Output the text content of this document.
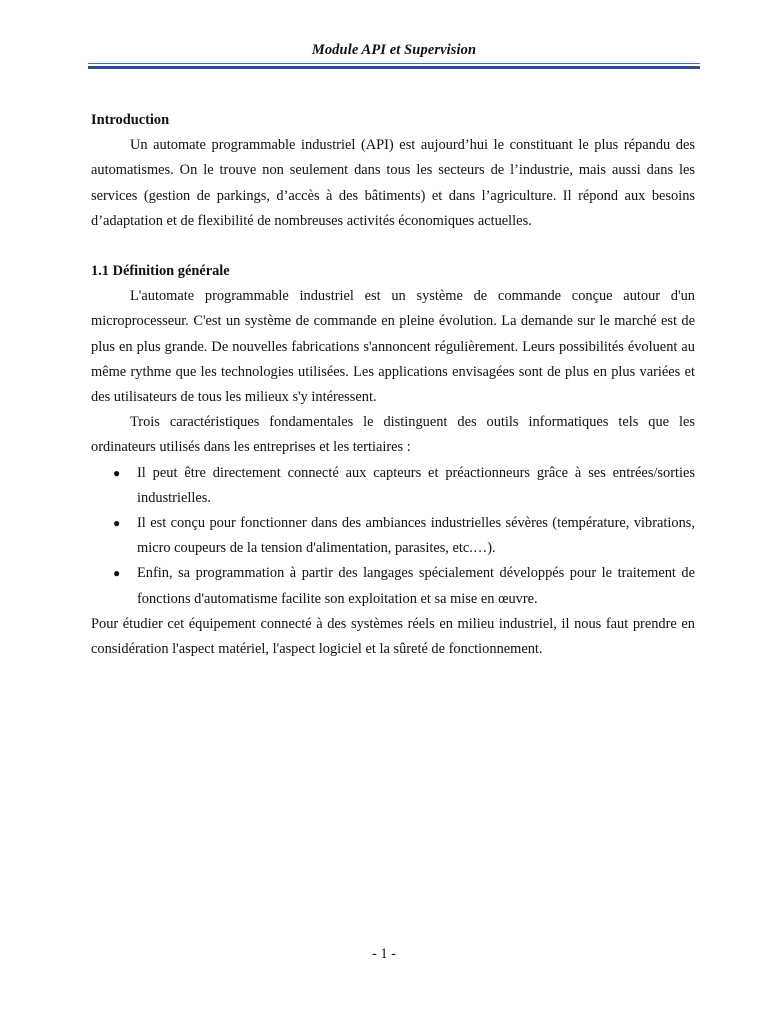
Module API et Supervision

Introduction

Un automate programmable industriel (API) est aujourd’hui le constituant le plus répandu des automatismes. On le trouve non seulement dans tous les secteurs de l’industrie, mais aussi dans les services (gestion de parkings, d’accès à des bâtiments) et dans l’agriculture. Il répond aux besoins d’adaptation et de flexibilité de nombreuses activités économiques actuelles.

1.1 Définition générale

L'automate programmable industriel est un système de commande conçue autour d'un microprocesseur. C'est un système de commande en pleine évolution. La demande sur le marché est de plus en plus grande. De nouvelles fabrications s'annoncent régulièrement. Leurs possibilités évoluent au même rythme que les technologies utilisées. Les applications envisagées sont de plus en plus variées et des utilisateurs de tous les milieux s'y intéressent.

Trois caractéristiques fondamentales le distinguent des outils informatiques tels que les ordinateurs utilisés dans les entreprises et les tertiaires :

● Il peut être directement connecté aux capteurs et préactionneurs grâce à ses entrées/sorties industrielles.
● Il est conçu pour fonctionner dans des ambiances industrielles sévères (température, vibrations, micro coupeurs de la tension d'alimentation, parasites, etc.…).
● Enfin, sa programmation à partir des langages spécialement développés pour le traitement de fonctions d'automatisme facilite son exploitation et sa mise en œuvre.

Pour étudier cet équipement connecté à des systèmes réels en milieu industriel, il nous faut prendre en considération l'aspect matériel, l'aspect logiciel et la sûreté de fonctionnement.

- 1 -
